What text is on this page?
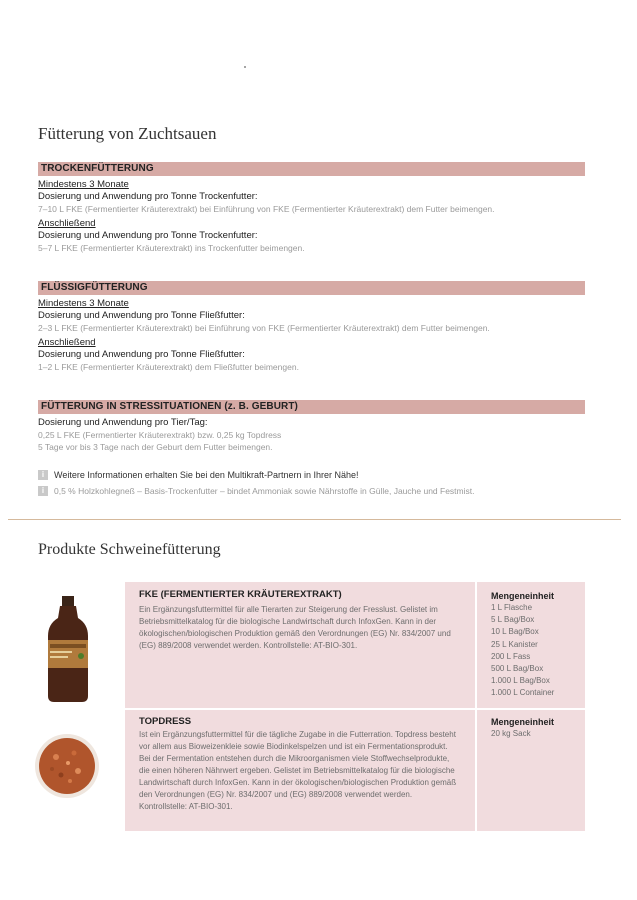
Fütterung von Zuchtsauen
TROCKENFÜTTERUNG
Mindestens 3 Monate
Dosierung und Anwendung pro Tonne Trockenfutter:
7–10 L FKE (Fermentierter Kräuterextrakt) bei Einführung von FKE (Fermentierter Kräuterextrakt) dem Futter beimengen.
Anschließend
Dosierung und Anwendung pro Tonne Trockenfutter:
5–7 L FKE (Fermentierter Kräuterextrakt) ins Trockenfutter beimengen.
FLÜSSIGFÜTTERUNG
Mindestens 3 Monate
Dosierung und Anwendung pro Tonne Fließfutter:
2–3 L FKE (Fermentierter Kräuterextrakt) bei Einführung von FKE (Fermentierter Kräuterextrakt) dem Futter beimengen.
Anschließend
Dosierung und Anwendung pro Tonne Fließfutter:
1–2 L FKE (Fermentierter Kräuterextrakt) dem Fließfutter beimengen.
FÜTTERUNG IN STRESSITUATIONEN (z. B. GEBURT)
Dosierung und Anwendung pro Tier/Tag:
0,25 L FKE (Fermentierter Kräuterextrakt) bzw. 0,25 kg Topdress
5 Tage vor bis 3 Tage nach der Geburt dem Futter beimengen.
i	Weitere Informationen erhalten Sie bei den Multikraft-Partnern in Ihrer Nähe!
i	0,5 % Holzkohlegneß – Basis-Trockenfutter – bindet Ammoniak sowie Nährstoffe in Gülle, Jauche und Festmist.
Produkte Schweinefütterung
FKE (FERMENTIERTER KRÄUTEREXTRAKT)
Ein Ergänzungsfuttermittel für alle Tierarten zur Steigerung der Fresslust. Gelistet im Betriebsmittelkatalog für die biologische Landwirtschaft durch InfoxGen. Kann in der ökologischen/biologischen Produktion gemäß den Verordnungen (EG) Nr. 834/2007 und (EG) 889/2008 verwendet werden. Kontrollstelle: AT-BIO-301.
Mengeneinheit
1 L Flasche
5 L Bag/Box
10 L Bag/Box
25 L Kanister
200 L Fass
500 L Bag/Box
1.000 L Bag/Box
1.000 L Container
TOPDRESS
Ist ein Ergänzungsfuttermittel für die tägliche Zugabe in die Futterration. Topdress besteht vor allem aus Bioweizenkleie sowie Biodinkelspelzen und ist ein Fermentationsprodukt. Bei der Fermentation entstehen durch die Mikroorganismen viele Stoffwechselprodukte, die einen höheren Nährwert ergeben. Gelistet im Betriebsmittelkatalog für die biologische Landwirtschaft durch InfoxGen. Kann in der ökologischen/biologischen Produktion gemäß den Verordnungen (EG) Nr. 834/2007 und (EG) 889/2008 verwendet werden. Kontrollstelle: AT-BIO-301.
Mengeneinheit
20 kg Sack
